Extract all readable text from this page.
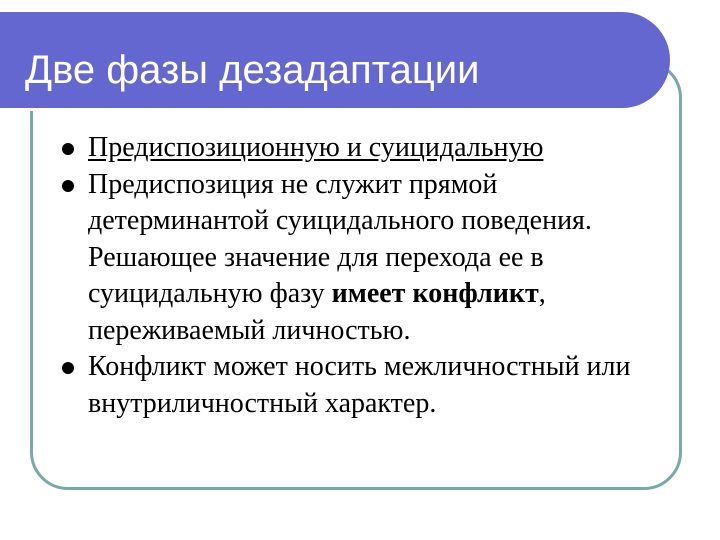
Две фазы дезадаптации
Предиспозиционную и суицидальную
Предиспозиция не служит прямой детерминантой суицидального поведения. Решающее значение для перехода ее в суицидальную фазу имеет конфликт, переживаемый личностью.
Конфликт может носить межличностный или внутриличностный характер.
